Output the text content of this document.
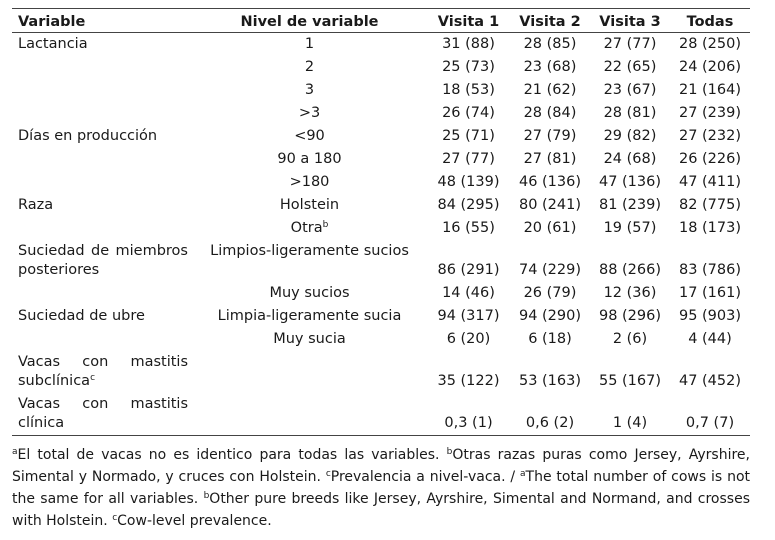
Variable	Nivel de variable	Visita 1	Visita 2	Visita 3	Todas
Lactancia	1	31 (88)	28 (85)	27 (77)	28 (250)
	2	25 (73)	23 (68)	22 (65)	24 (206)
	3	18 (53)	21 (62)	23 (67)	21 (164)
	>3	26 (74)	28 (84)	28 (81)	27 (239)
Días en producción	<90	25 (71)	27 (79)	29 (82)	27 (232)
	90 a 180	27 (77)	27 (81)	24 (68)	26 (226)
	>180	48 (139)	46 (136)	47 (136)	47 (411)
Raza	Holstein	84 (295)	80 (241)	81 (239)	82 (775)
	Otra$^b$	16 (55)	20 (61)	19 (57)	18 (173)
Suciedad de miembros posteriores	Limpios-ligeramente sucios	86 (291)	74 (229)	88 (266)	83 (786)
	Muy sucios	14 (46)	26 (79)	12 (36)	17 (161)
Suciedad de ubre	Limpia-ligeramente sucia	94 (317)	94 (290)	98 (296)	95 (903)
	Muy sucia	6 (20)	6 (18)	2 (6)	4 (44)
Vacas con mastitis subclínica$^c$		35 (122)	53 (163)	55 (167)	47 (452)
Vacas con mastitis clínica		0,3 (1)	0,6 (2)	1 (4)	0,7 (7)
$^a$El total de vacas no es identico para todas las variables. $^b$Otras razas puras como Jersey, Ayrshire, Simental y Normado, y cruces con Holstein. $^c$Prevalencia a nivel-vaca. / $^a$The total number of cows is not the same for all variables. $^b$Other pure breeds like Jersey, Ayrshire, Simental and Normand, and crosses with Holstein. $^c$Cow-level prevalence.
